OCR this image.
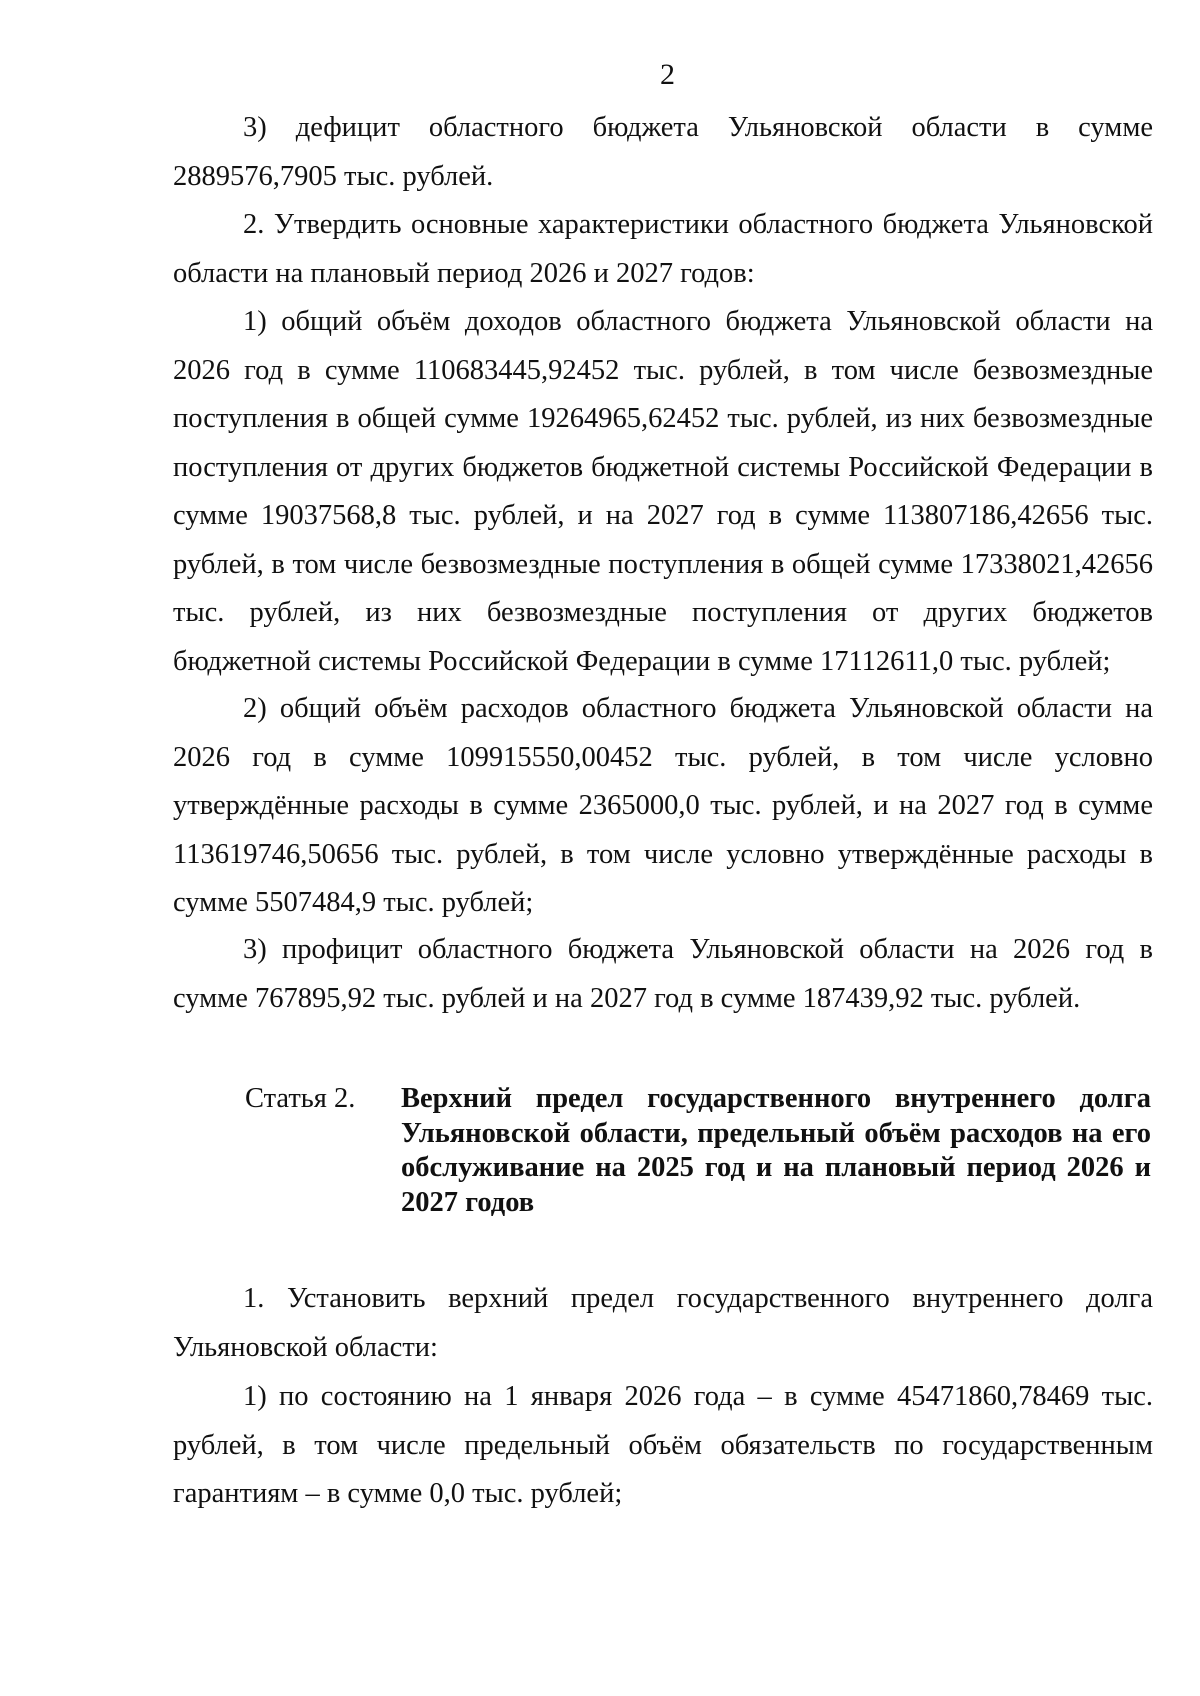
2

3) дефицит областного бюджета Ульяновской области в сумме 2889576,7905 тыс. рублей.

2. Утвердить основные характеристики областного бюджета Ульяновской области на плановый период 2026 и 2027 годов:

1) общий объём доходов областного бюджета Ульяновской области на 2026 год в сумме 110683445,92452 тыс. рублей, в том числе безвозмездные поступления в общей сумме 19264965,62452 тыс. рублей, из них безвозмездные поступления от других бюджетов бюджетной системы Российской Федерации в сумме 19037568,8 тыс. рублей, и на 2027 год в сумме 113807186,42656 тыс. рублей, в том числе безвозмездные поступления в общей сумме 17338021,42656 тыс. рублей, из них безвозмездные поступления от других бюджетов бюджетной системы Российской Федерации в сумме 17112611,0 тыс. рублей;

2) общий объём расходов областного бюджета Ульяновской области на 2026 год в сумме 109915550,00452 тыс. рублей, в том числе условно утверждённые расходы в сумме 2365000,0 тыс. рублей, и на 2027 год в сумме 113619746,50656 тыс. рублей, в том числе условно утверждённые расходы в сумме 5507484,9 тыс. рублей;

3) профицит областного бюджета Ульяновской области на 2026 год в сумме 767895,92 тыс. рублей и на 2027 год в сумме 187439,92 тыс. рублей.

Статья 2. Верхний предел государственного внутреннего долга Ульяновской области, предельный объём расходов на его обслуживание на 2025 год и на плановый период 2026 и 2027 годов

1. Установить верхний предел государственного внутреннего долга Ульяновской области:

1) по состоянию на 1 января 2026 года – в сумме 45471860,78469 тыс. рублей, в том числе предельный объём обязательств по государственным гарантиям – в сумме 0,0 тыс. рублей;
